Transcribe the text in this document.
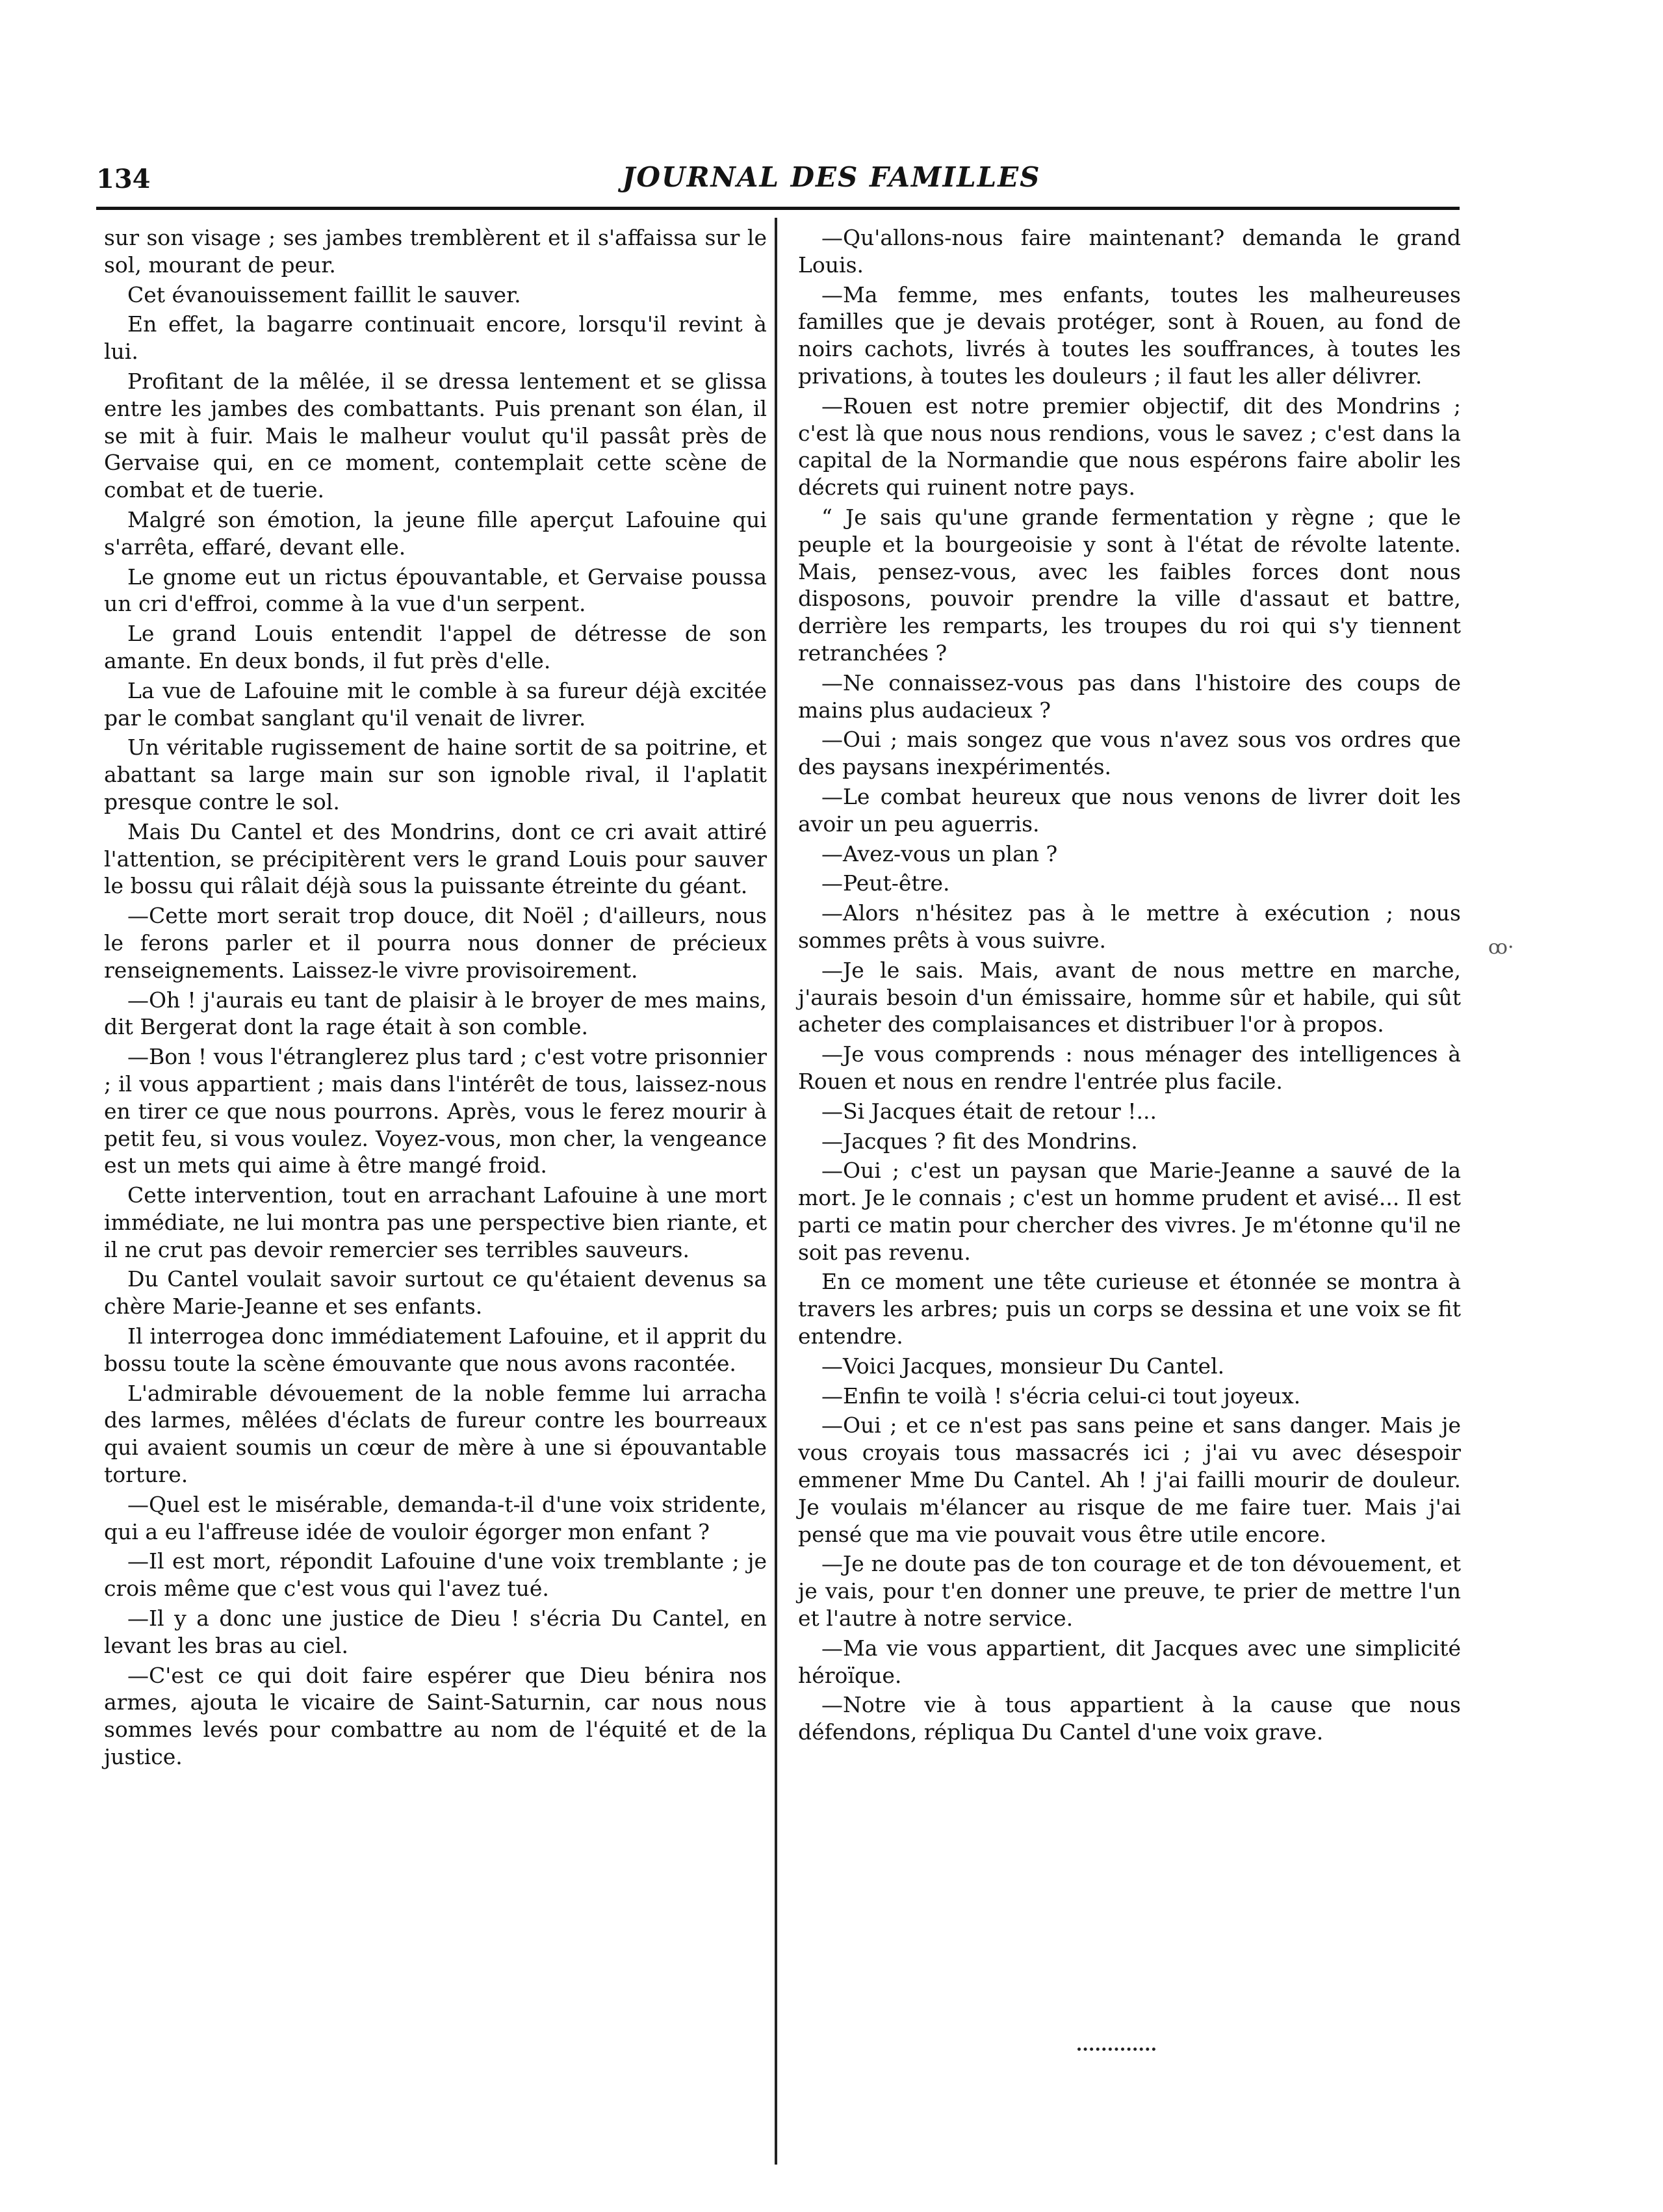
134	JOURNAL DES FAMILLES

sur son visage ; ses jambes tremblèrent et il s'affaissa sur le sol, mourant de peur.

Cet évanouissement faillit le sauver.

En effet, la bagarre continuait encore, lorsqu'il revint à lui.

Profitant de la mêlée, il se dressa lentement et se glissa entre les jambes des combattants. Puis prenant son élan, il se mit à fuir. Mais le malheur voulut qu'il passât près de Gervaise qui, en ce moment, contemplait cette scène de combat et de tuerie.

Malgré son émotion, la jeune fille aperçut Lafouine qui s'arrêta, effaré, devant elle.

Le gnome eut un rictus épouvantable, et Gervaise poussa un cri d'effroi, comme à la vue d'un serpent.

Le grand Louis entendit l'appel de détresse de son amante. En deux bonds, il fut près d'elle.

La vue de Lafouine mit le comble à sa fureur déjà excitée par le combat sanglant qu'il venait de livrer.

Un véritable rugissement de haine sortit de sa poitrine, et abattant sa large main sur son ignoble rival, il l'aplatit presque contre le sol.

Mais Du Cantel et des Mondrins, dont ce cri avait attiré l'attention, se précipitèrent vers le grand Louis pour sauver le bossu qui râlait déjà sous la puissante étreinte du géant.

—Cette mort serait trop douce, dit Noël ; d'ailleurs, nous le ferons parler et il pourra nous donner de précieux renseignements. Laissez-le vivre provisoirement.

—Oh ! j'aurais eu tant de plaisir à le broyer de mes mains, dit Bergerat dont la rage était à son comble.

—Bon ! vous l'étranglerez plus tard ; c'est votre prisonnier ; il vous appartient ; mais dans l'intérêt de tous, laissez-nous en tirer ce que nous pourrons. Après, vous le ferez mourir à petit feu, si vous voulez. Voyez-vous, mon cher, la vengeance est un mets qui aime à être mangé froid.

Cette intervention, tout en arrachant Lafouine à une mort immédiate, ne lui montra pas une perspective bien riante, et il ne crut pas devoir remercier ses terribles sauveurs.

Du Cantel voulait savoir surtout ce qu'étaient devenus sa chère Marie-Jeanne et ses enfants.

Il interrogea donc immédiatement Lafouine, et il apprit du bossu toute la scène émouvante que nous avons racontée.

L'admirable dévouement de la noble femme lui arracha des larmes, mêlées d'éclats de fureur contre les bourreaux qui avaient soumis un cœur de mère à une si épouvantable torture.

—Quel est le misérable, demanda-t-il d'une voix stridente, qui a eu l'affreuse idée de vouloir égorger mon enfant ?

—Il est mort, répondit Lafouine d'une voix tremblante ; je crois même que c'est vous qui l'avez tué.

—Il y a donc une justice de Dieu ! s'écria Du Cantel, en levant les bras au ciel.

—C'est ce qui doit faire espérer que Dieu bénira nos armes, ajouta le vicaire de Saint-Saturnin, car nous nous sommes levés pour combattre au nom de l'équité et de la justice.

—Qu'allons-nous faire maintenant? demanda le grand Louis.

—Ma femme, mes enfants, toutes les malheureuses familles que je devais protéger, sont à Rouen, au fond de noirs cachots, livrés à toutes les souffrances, à toutes les privations, à toutes les douleurs ; il faut les aller délivrer.

—Rouen est notre premier objectif, dit des Mondrins ; c'est là que nous nous rendions, vous le savez ; c'est dans la capital de la Normandie que nous espérons faire abolir les décrets qui ruinent notre pays.

“ Je sais qu'une grande fermentation y règne ; que le peuple et la bourgeoisie y sont à l'état de révolte latente. Mais, pensez-vous, avec les faibles forces dont nous disposons, pouvoir prendre la ville d'assaut et battre, derrière les remparts, les troupes du roi qui s'y tiennent retranchées ?

—Ne connaissez-vous pas dans l'histoire des coups de mains plus audacieux ?

—Oui ; mais songez que vous n'avez sous vos ordres que des paysans inexpérimentés.

—Le combat heureux que nous venons de livrer doit les avoir un peu aguerris.

—Avez-vous un plan ?

—Peut-être.

—Alors n'hésitez pas à le mettre à exécution ; nous sommes prêts à vous suivre.

—Je le sais. Mais, avant de nous mettre en marche, j'aurais besoin d'un émissaire, homme sûr et habile, qui sût acheter des complaisances et distribuer l'or à propos.

—Je vous comprends : nous ménager des intelligences à Rouen et nous en rendre l'entrée plus facile.

—Si Jacques était de retour !...

—Jacques ? fit des Mondrins.

—Oui ; c'est un paysan que Marie-Jeanne a sauvé de la mort. Je le connais ; c'est un homme prudent et avisé... Il est parti ce matin pour chercher des vivres. Je m'étonne qu'il ne soit pas revenu.

En ce moment une tête curieuse et étonnée se montra à travers les arbres; puis un corps se dessina et une voix se fit entendre.

—Voici Jacques, monsieur Du Cantel.

—Enfin te voilà ! s'écria celui-ci tout joyeux.

—Oui ; et ce n'est pas sans peine et sans danger. Mais je vous croyais tous massacrés ici ; j'ai vu avec désespoir emmener Mme Du Cantel. Ah ! j'ai failli mourir de douleur. Je voulais m'élancer au risque de me faire tuer. Mais j'ai pensé que ma vie pouvait vous être utile encore.

—Je ne doute pas de ton courage et de ton dévouement, et je vais, pour t'en donner une preuve, te prier de mettre l'un et l'autre à notre service.

—Ma vie vous appartient, dit Jacques avec une simplicité héroïque.

—Notre vie à tous appartient à la cause que nous défendons, répliqua Du Cantel d'une voix grave.

ꝏ·
